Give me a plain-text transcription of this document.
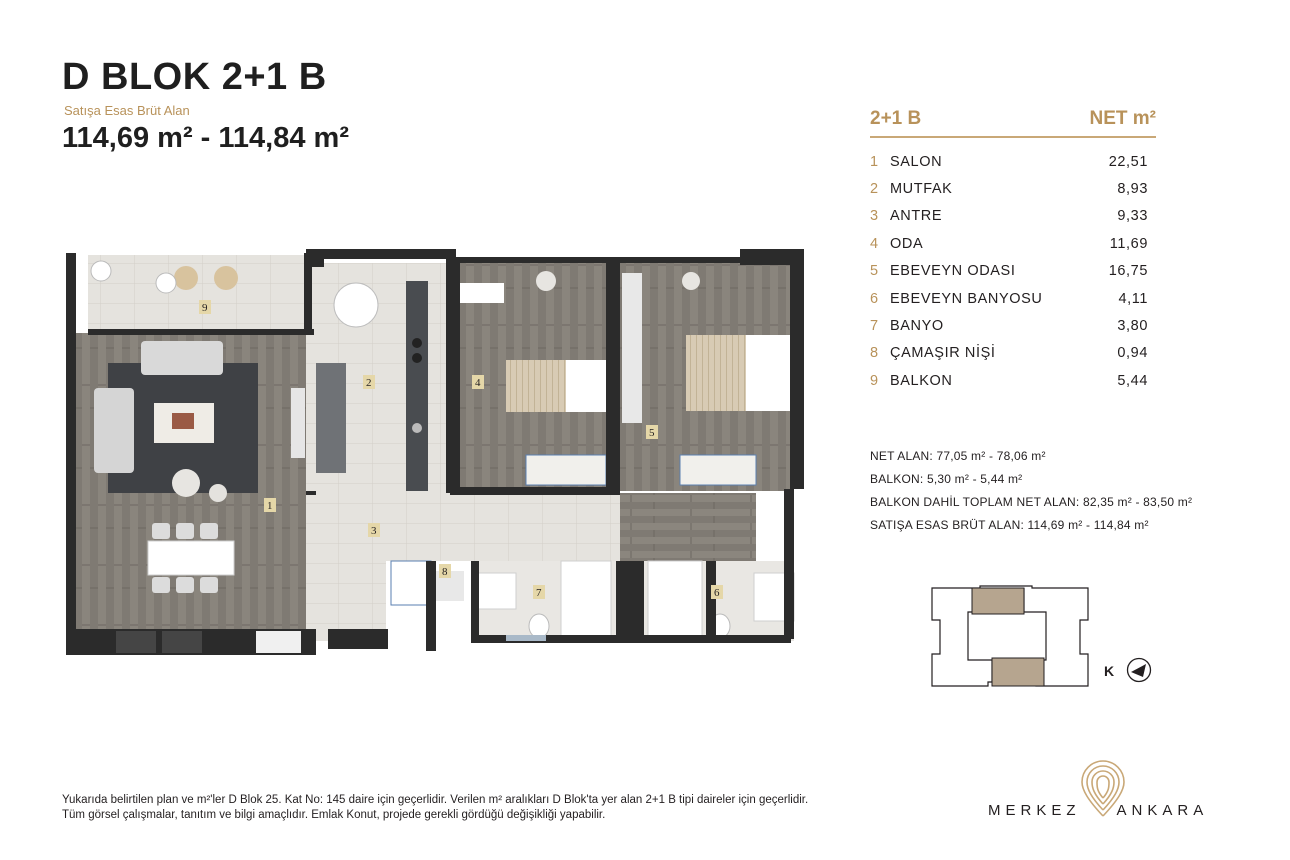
D BLOK 2+1 B
Satışa Esas Brüt Alan
114,69 m² - 114,84 m²
9
1
2
3
4
5
6
7
8
2+1 B	NET m²
1 SALON	22,51
2 MUTFAK	8,93
3 ANTRE	9,33
4 ODA	11,69
5 EBEVEYN ODASI	16,75
6 EBEVEYN BANYOSU	4,11
7 BANYO	3,80
8 ÇAMAŞIR NİŞİ	0,94
9 BALKON	5,44
NET ALAN: 77,05 m² - 78,06 m²
BALKON: 5,30 m² - 5,44 m²
BALKON DAHİL TOPLAM NET ALAN: 82,35 m² - 83,50 m²
SATIŞA ESAS BRÜT ALAN: 114,69 m² - 114,84 m²
K
Yukarıda belirtilen plan ve m²'ler D Blok 25. Kat No: 145 daire için geçerlidir. Verilen m² aralıkları D Blok'ta yer alan 2+1 B tipi daireler için geçerlidir.
Tüm görsel çalışmalar, tanıtım ve bilgi amaçlıdır. Emlak Konut, projede gerekli gördüğü değişikliği yapabilir.	MERKEZ ANKARA
